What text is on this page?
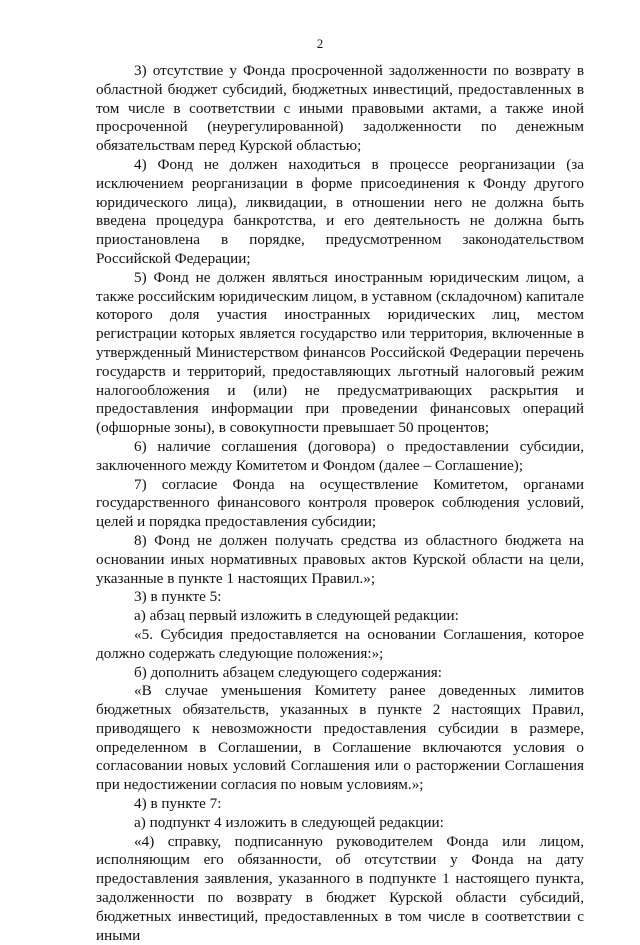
2

3) отсутствие у Фонда просроченной задолженности по возврату в областной бюджет субсидий, бюджетных инвестиций, предоставленных в том числе в соответствии с иными правовыми актами, а также иной просроченной (неурегулированной) задолженности по денежным обязательствам перед Курской областью;

4) Фонд не должен находиться в процессе реорганизации (за исключением реорганизации в форме присоединения к Фонду другого юридического лица), ликвидации, в отношении него не должна быть введена процедура банкротства, и его деятельность не должна быть приостановлена в порядке, предусмотренном законодательством Российской Федерации;

5) Фонд не должен являться иностранным юридическим лицом, а также российским юридическим лицом, в уставном (складочном) капитале которого доля участия иностранных юридических лиц, местом регистрации которых является государство или территория, включенные в утвержденный Министерством финансов Российской Федерации перечень государств и территорий, предоставляющих льготный налоговый режим налогообложения и (или) не предусматривающих раскрытия и предоставления информации при проведении финансовых операций (офшорные зоны), в совокупности превышает 50 процентов;

6) наличие соглашения (договора) о предоставлении субсидии, заключенного между Комитетом и Фондом (далее – Соглашение);

7) согласие Фонда на осуществление Комитетом, органами государственного финансового контроля проверок соблюдения условий, целей и порядка предоставления субсидии;

8) Фонд не должен получать средства из областного бюджета на основании иных нормативных правовых актов Курской области на цели, указанные в пункте 1 настоящих Правил.»;

3) в пункте 5:

а) абзац первый изложить в следующей редакции:

«5. Субсидия предоставляется на основании Соглашения, которое должно содержать следующие положения:»;

б) дополнить абзацем следующего содержания:

«В случае уменьшения Комитету ранее доведенных лимитов бюджетных обязательств, указанных в пункте 2 настоящих Правил, приводящего к невозможности предоставления субсидии в размере, определенном в Соглашении, в Соглашение включаются условия о согласовании новых условий Соглашения или о расторжении Соглашения при недостижении согласия по новым условиям.»;

4) в пункте 7:

а) подпункт 4 изложить в следующей редакции:

«4) справку, подписанную руководителем Фонда или лицом, исполняющим его обязанности, об отсутствии у Фонда на дату предоставления заявления, указанного в подпункте 1 настоящего пункта, задолженности по возврату в бюджет Курской области субсидий, бюджетных инвестиций, предоставленных в том числе в соответствии с иными
